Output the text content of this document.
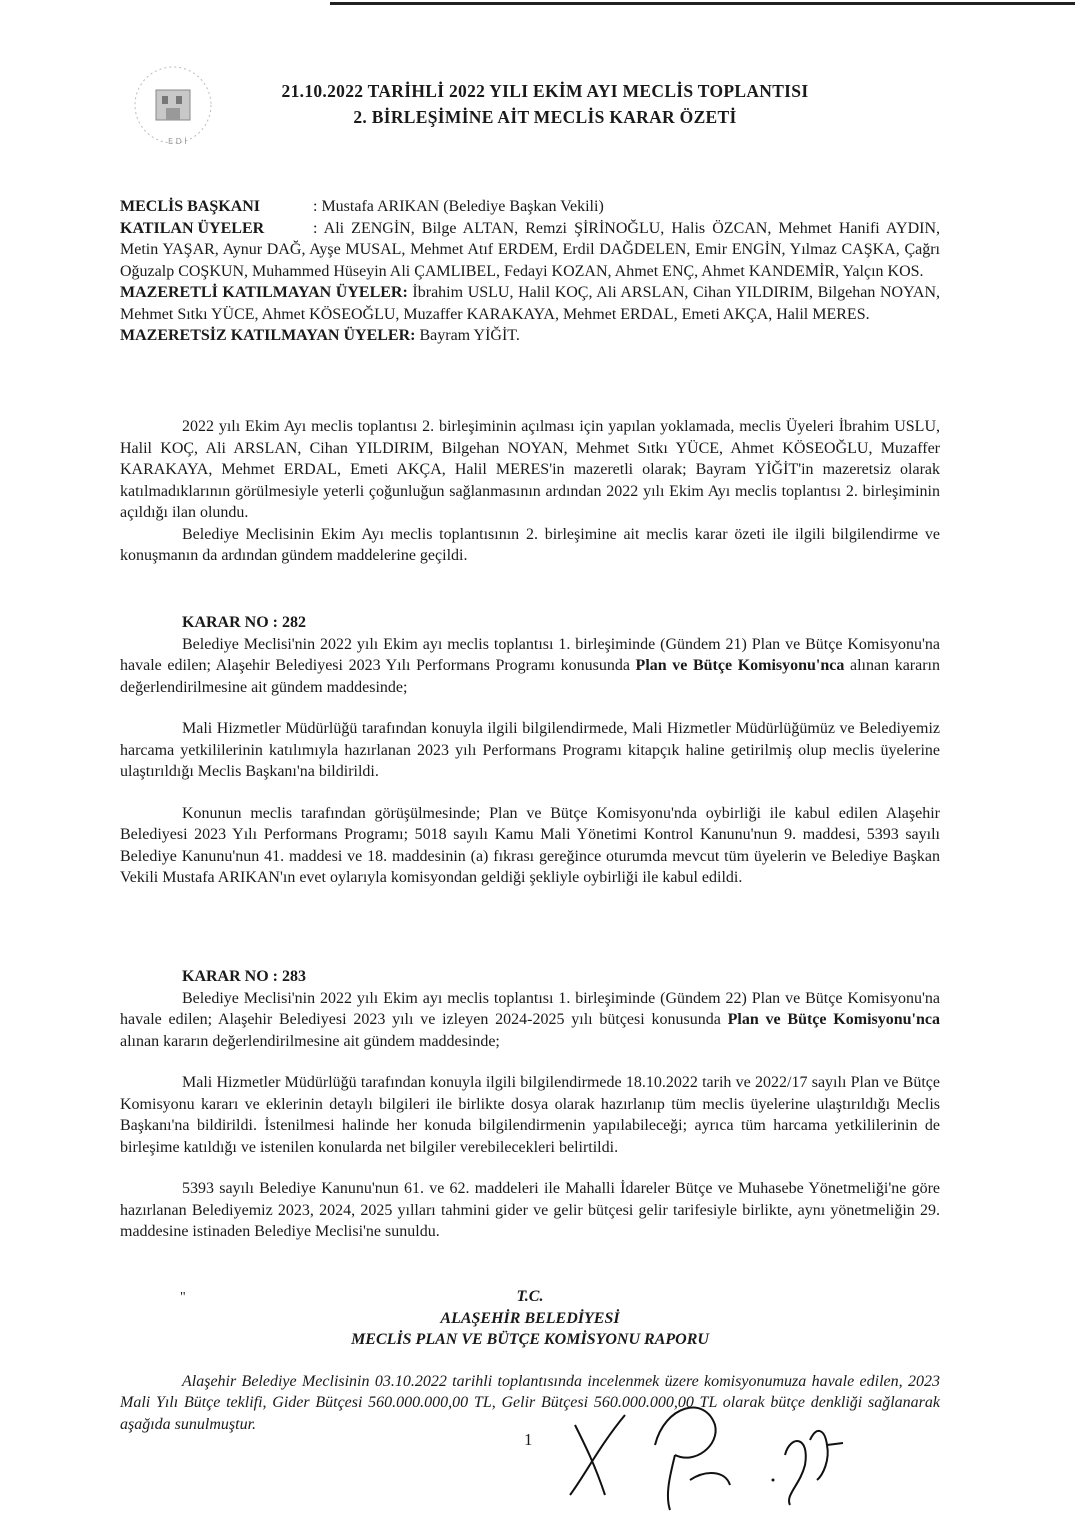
E D İ
21.10.2022 TARİHLİ 2022 YILI EKİM AYI MECLİS TOPLANTISI
2. BİRLEŞİMİNE AİT MECLİS KARAR ÖZETİ

MECLİS BAŞKANI	: Mustafa ARIKAN (Belediye Başkan Vekili)

KATILAN ÜYELER	: Ali ZENGİN, Bilge ALTAN, Remzi ŞİRİNOĞLU, Halis ÖZCAN, Mehmet Hanifi AYDIN, Metin YAŞAR, Aynur DAĞ, Ayşe MUSAL, Mehmet Atıf ERDEM, Erdil DAĞDELEN, Emir ENGİN, Yılmaz CAŞKA, Çağrı Oğuzalp COŞKUN, Muhammed Hüseyin Ali ÇAMLIBEL, Fedayi KOZAN, Ahmet ENÇ, Ahmet KANDEMİR, Yalçın KOS.

MAZERETLİ KATILMAYAN ÜYELER: İbrahim USLU, Halil KOÇ, Ali ARSLAN, Cihan YILDIRIM, Bilgehan NOYAN, Mehmet Sıtkı YÜCE, Ahmet KÖSEOĞLU, Muzaffer KARAKAYA, Mehmet ERDAL, Emeti AKÇA, Halil MERES.

MAZERETSİZ KATILMAYAN ÜYELER: Bayram YİĞİT.

2022 yılı Ekim Ayı meclis toplantısı 2. birleşiminin açılması için yapılan yoklamada, meclis Üyeleri İbrahim USLU, Halil KOÇ, Ali ARSLAN, Cihan YILDIRIM, Bilgehan NOYAN, Mehmet Sıtkı YÜCE, Ahmet KÖSEOĞLU, Muzaffer KARAKAYA, Mehmet ERDAL, Emeti AKÇA, Halil MERES'in mazeretli olarak; Bayram YİĞİT'in mazeretsiz olarak katılmadıklarının görülmesiyle yeterli çoğunluğun sağlanmasının ardından 2022 yılı Ekim Ayı meclis toplantısı 2. birleşiminin açıldığı ilan olundu.

Belediye Meclisinin Ekim Ayı meclis toplantısının 2. birleşimine ait meclis karar özeti ile ilgili bilgilendirme ve konuşmanın da ardından gündem maddelerine geçildi.

KARAR NO : 282

Belediye Meclisi'nin 2022 yılı Ekim ayı meclis toplantısı 1. birleşiminde (Gündem 21) Plan ve Bütçe Komisyonu'na havale edilen; Alaşehir Belediyesi 2023 Yılı Performans Programı konusunda Plan ve Bütçe Komisyonu'nca alınan kararın değerlendirilmesine ait gündem maddesinde;

Mali Hizmetler Müdürlüğü tarafından konuyla ilgili bilgilendirmede, Mali Hizmetler Müdürlüğümüz ve Belediyemiz harcama yetkililerinin katılımıyla hazırlanan 2023 yılı Performans Programı kitapçık haline getirilmiş olup meclis üyelerine ulaştırıldığı Meclis Başkanı'na bildirildi.

Konunun meclis tarafından görüşülmesinde; Plan ve Bütçe Komisyonu'nda oybirliği ile kabul edilen Alaşehir Belediyesi 2023 Yılı Performans Programı; 5018 sayılı Kamu Mali Yönetimi Kontrol Kanunu'nun 9. maddesi, 5393 sayılı Belediye Kanunu'nun 41. maddesi ve 18. maddesinin (a) fıkrası gereğince oturumda mevcut tüm üyelerin ve Belediye Başkan Vekili Mustafa ARIKAN'ın evet oylarıyla komisyondan geldiği şekliyle oybirliği ile kabul edildi.

KARAR NO : 283

Belediye Meclisi'nin 2022 yılı Ekim ayı meclis toplantısı 1. birleşiminde (Gündem 22) Plan ve Bütçe Komisyonu'na havale edilen; Alaşehir Belediyesi 2023 yılı ve izleyen 2024-2025 yılı bütçesi konusunda Plan ve Bütçe Komisyonu'nca alınan kararın değerlendirilmesine ait gündem maddesinde;

Mali Hizmetler Müdürlüğü tarafından konuyla ilgili bilgilendirmede 18.10.2022 tarih ve 2022/17 sayılı Plan ve Bütçe Komisyonu kararı ve eklerinin detaylı bilgileri ile birlikte dosya olarak hazırlanıp tüm meclis üyelerine ulaştırıldığı Meclis Başkanı'na bildirildi. İstenilmesi halinde her konuda bilgilendirmenin yapılabileceği; ayrıca tüm harcama yetkililerinin de birleşime katıldığı ve istenilen konularda net bilgiler verebilecekleri belirtildi.

5393 sayılı Belediye Kanunu'nun 61. ve 62. maddeleri ile Mahalli İdareler Bütçe ve Muhasebe Yönetmeliği'ne göre hazırlanan Belediyemiz 2023, 2024, 2025 yılları tahmini gider ve gelir bütçesi gelir tarifesiyle birlikte, aynı yönetmeliğin 29. maddesine istinaden Belediye Meclisi'ne sunuldu.

"	T.C.
ALAŞEHİR BELEDİYESİ
MECLİS PLAN VE BÜTÇE KOMİSYONU RAPORU

Alaşehir Belediye Meclisinin 03.10.2022 tarihli toplantısında incelenmek üzere komisyonumuza havale edilen, 2023 Mali Yılı Bütçe teklifi, Gider Bütçesi 560.000.000,00 TL, Gelir Bütçesi 560.000.000,00 TL olarak bütçe denkliği sağlanarak aşağıda sunulmuştur.

1
